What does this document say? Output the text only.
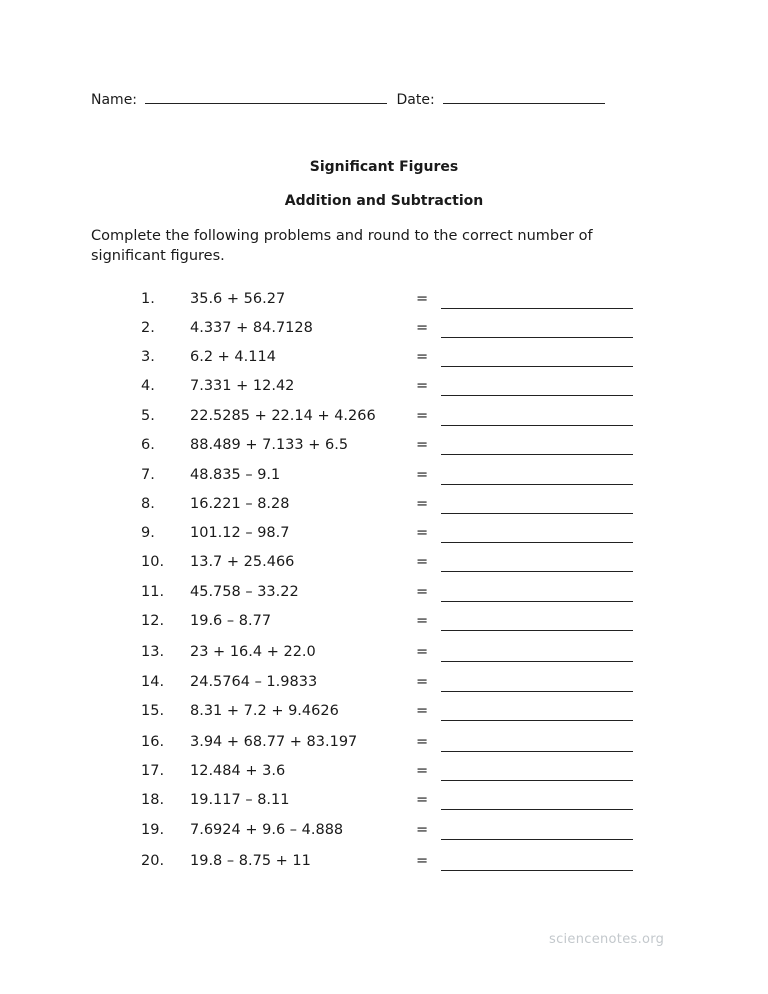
Name:	Date:
Significant Figures
Addition and Subtraction
Complete the following problems and round to the correct number of significant figures.
1. 35.6 + 56.27	=
2. 4.337 + 84.7128	=
3. 6.2 + 4.114	=
4. 7.331 + 12.42	=
5. 22.5285 + 22.14 + 4.266	=
6. 88.489 + 7.133 + 6.5	=
7. 48.835 – 9.1	=
8. 16.221 – 8.28	=
9. 101.12 – 98.7	=
10. 13.7 + 25.466	=
11. 45.758 – 33.22	=
12. 19.6 – 8.77	=
13. 23 + 16.4 + 22.0	=
14. 24.5764 – 1.9833	=
15. 8.31 + 7.2 + 9.4626	=
16. 3.94 + 68.77 + 83.197	=
17. 12.484 + 3.6	=
18. 19.117 – 8.11	=
19. 7.6924 + 9.6 – 4.888	=
20. 19.8 – 8.75 + 11	=
sciencenotes.org
